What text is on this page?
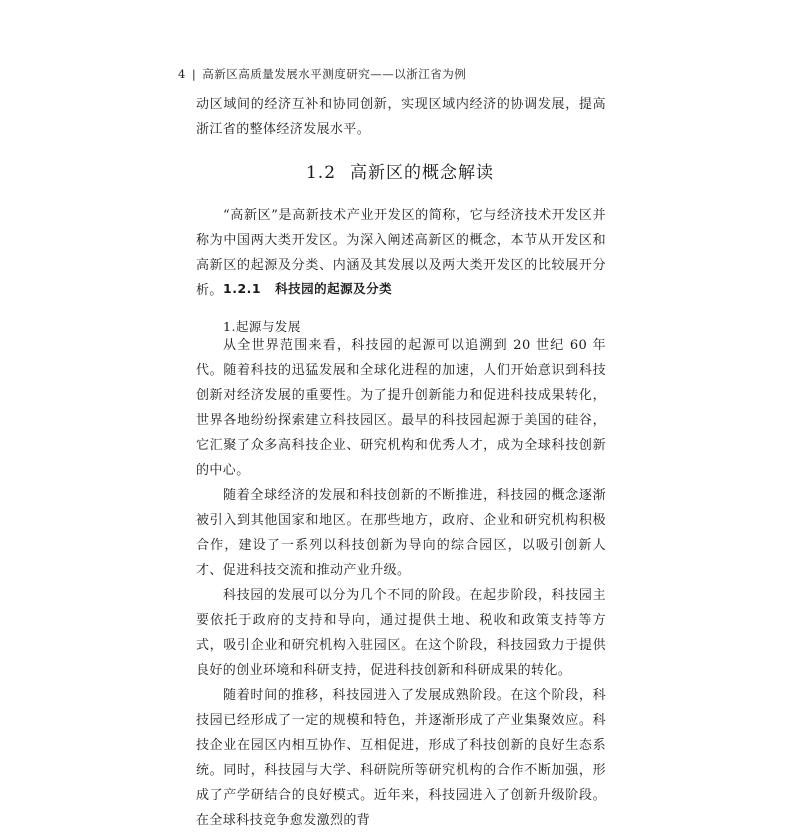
4 | 高新区高质量发展水平测度研究——以浙江省为例

动区域间的经济互补和协同创新，实现区域内经济的协调发展，提高浙江省的整体经济发展水平。

1.2 高新区的概念解读

“高新区”是高新技术产业开发区的简称，它与经济技术开发区并称为中国两大类开发区。为深入阐述高新区的概念，本节从开发区和高新区的起源及分类、内涵及其发展以及两大类开发区的比较展开分析。 1.2.1 科技园的起源及分类
1.起源与发展

从全世界范围来看，科技园的起源可以追溯到 20 世纪 60 年代。随着科技的迅猛发展和全球化进程的加速，人们开始意识到科技创新对经济发展的重要性。为了提升创新能力和促进科技成果转化，世界各地纷纷探索建立科技园区。最早的科技园起源于美国的硅谷，它汇聚了众多高科技企业、研究机构和优秀人才，成为全球科技创新的中心。

随着全球经济的发展和科技创新的不断推进，科技园的概念逐渐被引入到其他国家和地区。在那些地方，政府、企业和研究机构积极合作，建设了一系列以科技创新为导向的综合园区，以吸引创新人才、促进科技交流和推动产业升级。

科技园的发展可以分为几个不同的阶段。在起步阶段，科技园主要依托于政府的支持和导向，通过提供土地、税收和政策支持等方式，吸引企业和研究机构入驻园区。在这个阶段，科技园致力于提供良好的创业环境和科研支持，促进科技创新和科研成果的转化。

随着时间的推移，科技园进入了发展成熟阶段。在这个阶段，科技园已经形成了一定的规模和特色，并逐渐形成了产业集聚效应。科技企业在园区内相互协作、互相促进，形成了科技创新的良好生态系统。同时，科技园与大学、科研院所等研究机构的合作不断加强，形成了产学研结合的良好模式。近年来，科技园进入了创新升级阶段。在全球科技竞争愈发激烈的背
